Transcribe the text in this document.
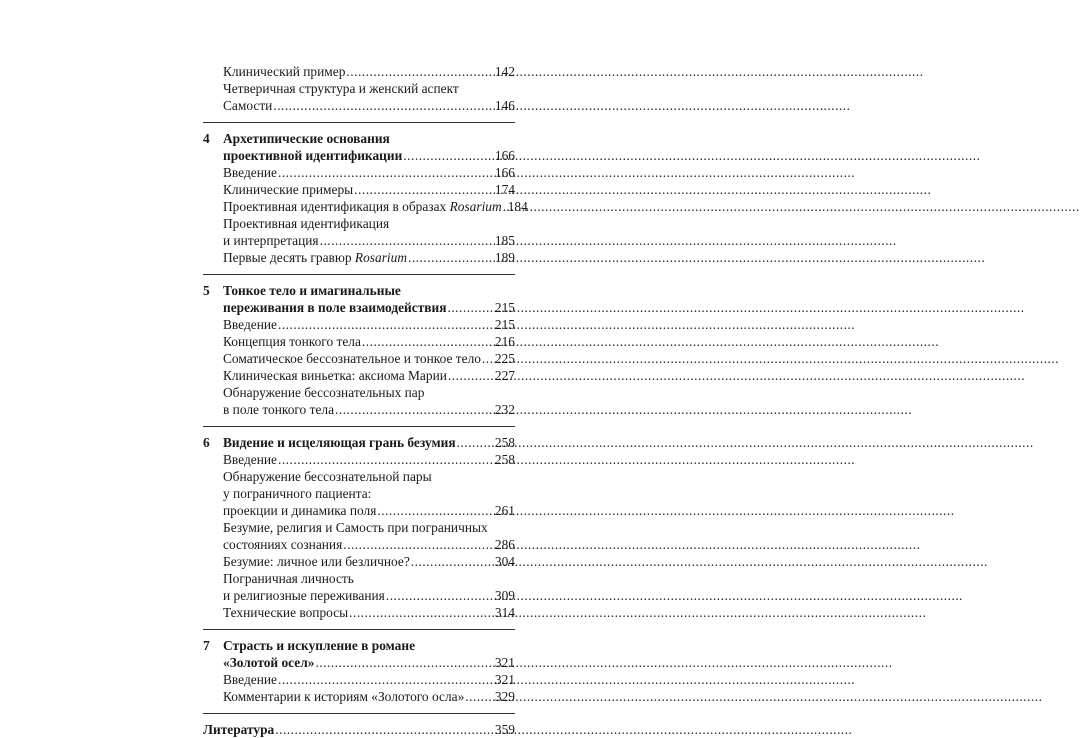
Клинический пример .....	142
Четверичная структура и женский аспект
Самости .....	146
4 Архетипические основания
проективной идентификации .....	166
Введение .....	166
Клинические примеры .....	174
Проективная идентификация в образах Rosarium ..... 184
Проективная идентификация
и интерпретация .....	185
Первые десять гравюр Rosarium .....	189
5 Тонкое тело и имагинальные
переживания в поле взаимодействия .....	215
Введение .....	215
Концепция тонкого тела .....	216
Соматическое бессознательное и тонкое тело ..... 225
Клиническая виньетка: аксиома Марии .....	227
Обнаружение бессознательных пар
в поле тонкого тела .....	232
6 Видение и исцеляющая грань безумия .....	258
Введение .....	258
Обнаружение бессознательной пары
у пограничного пациента:
проекции и динамика поля .....	261
Безумие, религия и Самость при пограничных
состояниях сознания .....	286
Безумие: личное или безличное? .....	304
Пограничная личность
и религиозные переживания .....	309
Технические вопросы .....	314
7 Страсть и искупление в романе
«Золотой осел» .....	321
Введение .....	321
Комментарии к историям «Золотого осла» ..... 329
Литература .....	359
